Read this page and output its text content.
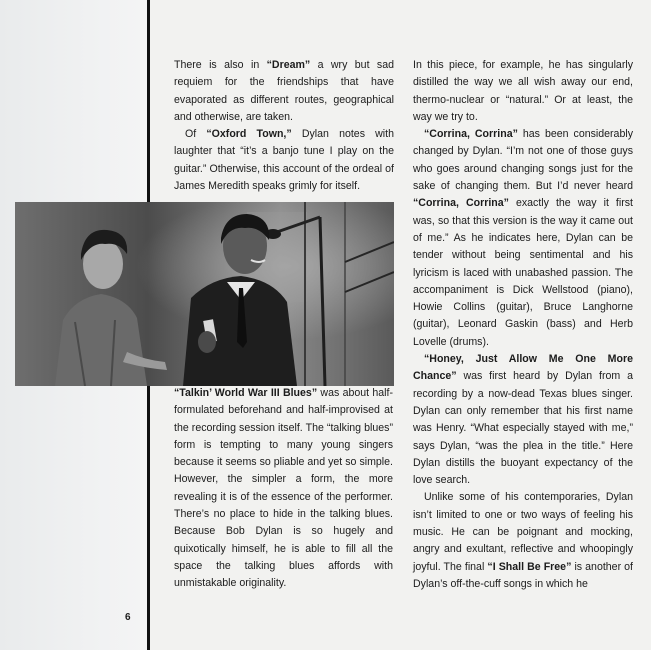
There is also in “Dream” a wry but sad requiem for the friendships that have evaporated as different routes, geographical and otherwise, are taken.

Of “Oxford Town,” Dylan notes with laughter that “it’s a banjo tune I play on the guitar.” Otherwise, this account of the ordeal of James Meredith speaks grimly for itself.

“Talkin’ World War III Blues” was about half-formulated beforehand and half-improvised at the recording session itself. The “talking blues” form is tempting to many young singers because it seems so pliable and yet so simple. However, the simpler a form, the more revealing it is of the essence of the performer. There’s no place to hide in the talking blues. Because Bob Dylan is so hugely and quixotically himself, he is able to fill all the space the talking blues affords with unmistakable originality.

In this piece, for example, he has singularly distilled the way we all wish away our end, thermo-nuclear or “natural.” Or at least, the way we try to.

“Corrina, Corrina” has been considerably changed by Dylan. “I’m not one of those guys who goes around changing songs just for the sake of changing them. But I’d never heard “Corrina, Corrina” exactly the way it first was, so that this version is the way it came out of me.” As he indicates here, Dylan can be tender without being sentimental and his lyricism is laced with unabashed passion. The accompaniment is Dick Wellstood (piano), Howie Collins (guitar), Bruce Langhorne (guitar), Leonard Gaskin (bass) and Herb Lovelle (drums).

“Honey, Just Allow Me One More Chance” was first heard by Dylan from a recording by a now-dead Texas blues singer. Dylan can only remember that his first name was Henry. “What especially stayed with me,” says Dylan, “was the plea in the title.” Here Dylan distills the buoyant expectancy of the love search.

Unlike some of his contemporaries, Dylan isn’t limited to one or two ways of feeling his music. He can be poignant and mocking, angry and exultant, reflective and whoopingly joyful. The final “I Shall Be Free” is another of Dylan’s off-the-cuff songs in which he

6
